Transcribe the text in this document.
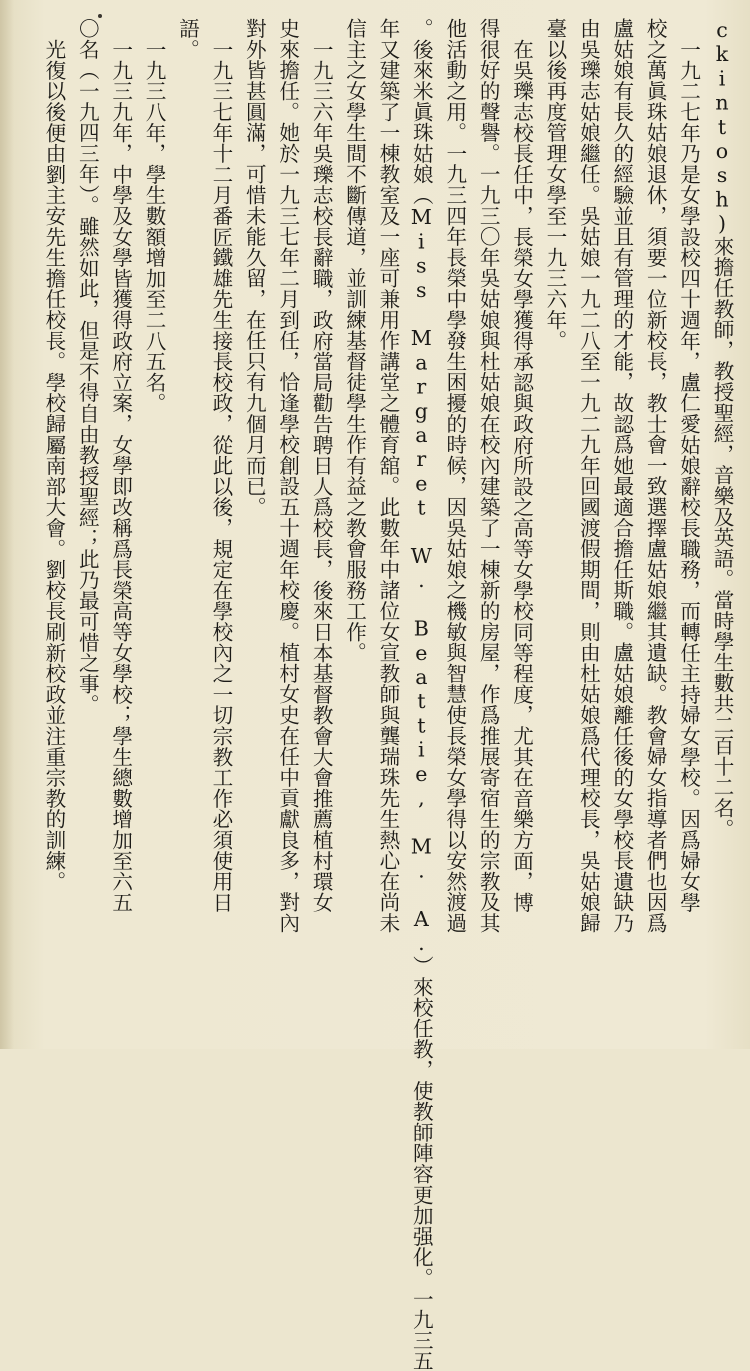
ckintosh)來擔任教師，教授聖經，音樂及英語。當時學生數共二百十二名。
一九二七年乃是女學設校四十週年，盧仁愛姑娘辭校長職務，而轉任主持婦女學校。因爲婦女學
校之萬眞珠姑娘退休，須要一位新校長，教士會一致選擇盧姑娘繼其遺缺。教會婦女指導者們也因爲
盧姑娘有長久的經驗並且有管理的才能，故認爲她最適合擔任斯職。盧姑娘離任後的女學校長遺缺乃
由吳瓅志姑娘繼任。吳姑娘一九二八至一九二九年回國渡假期間，則由杜姑娘爲代理校長，吳姑娘歸
臺以後再度管理女學至一九三六年。
在吳瓅志校長任中，長榮女學獲得承認與政府所設之高等女學校同等程度，尤其在音樂方面，博
得很好的聲譽。一九三〇年吳姑娘與杜姑娘在校內建築了一棟新的房屋，作爲推展寄宿生的宗教及其
他活動之用。一九三四年長榮中學發生困擾的時候，因吳姑娘之機敏與智慧使長榮女學得以安然渡過
。後來米眞珠姑娘（Miss Margaret W. Beattie, M. A.）來校任教，使教師陣容更加强化。一九三五
年又建築了一棟教室及一座可兼用作講堂之體育舘。此數年中諸位女宣教師與龔瑞珠先生熱心在尚未
信主之女學生間不斷傳道，並訓練基督徒學生作有益之教會服務工作。
一九三六年吳瓅志校長辭職，政府當局勸告聘日人爲校長，後來日本基督教會大會推薦植村環女
史來擔任。她於一九三七年二月到任，恰逢學校創設五十週年校慶。植村女史在任中貢獻良多，對內
對外皆甚圓滿，可惜未能久留，在任只有九個月而已。
一九三七年十二月番匠鐵雄先生接長校政，從此以後，規定在學校內之一切宗教工作必須使用日
語。
一九三八年，學生數額增加至二八五名。
一九三九年，中學及女學皆獲得政府立案，女學即改稱爲長榮高等女學校；學生總數增加至六五
〇名（一九四三年）。雖然如此，但是不得自由教授聖經；此乃最可惜之事。
光復以後便由劉主安先生擔任校長。學校歸屬南部大會。劉校長刷新校政並注重宗教的訓練。
